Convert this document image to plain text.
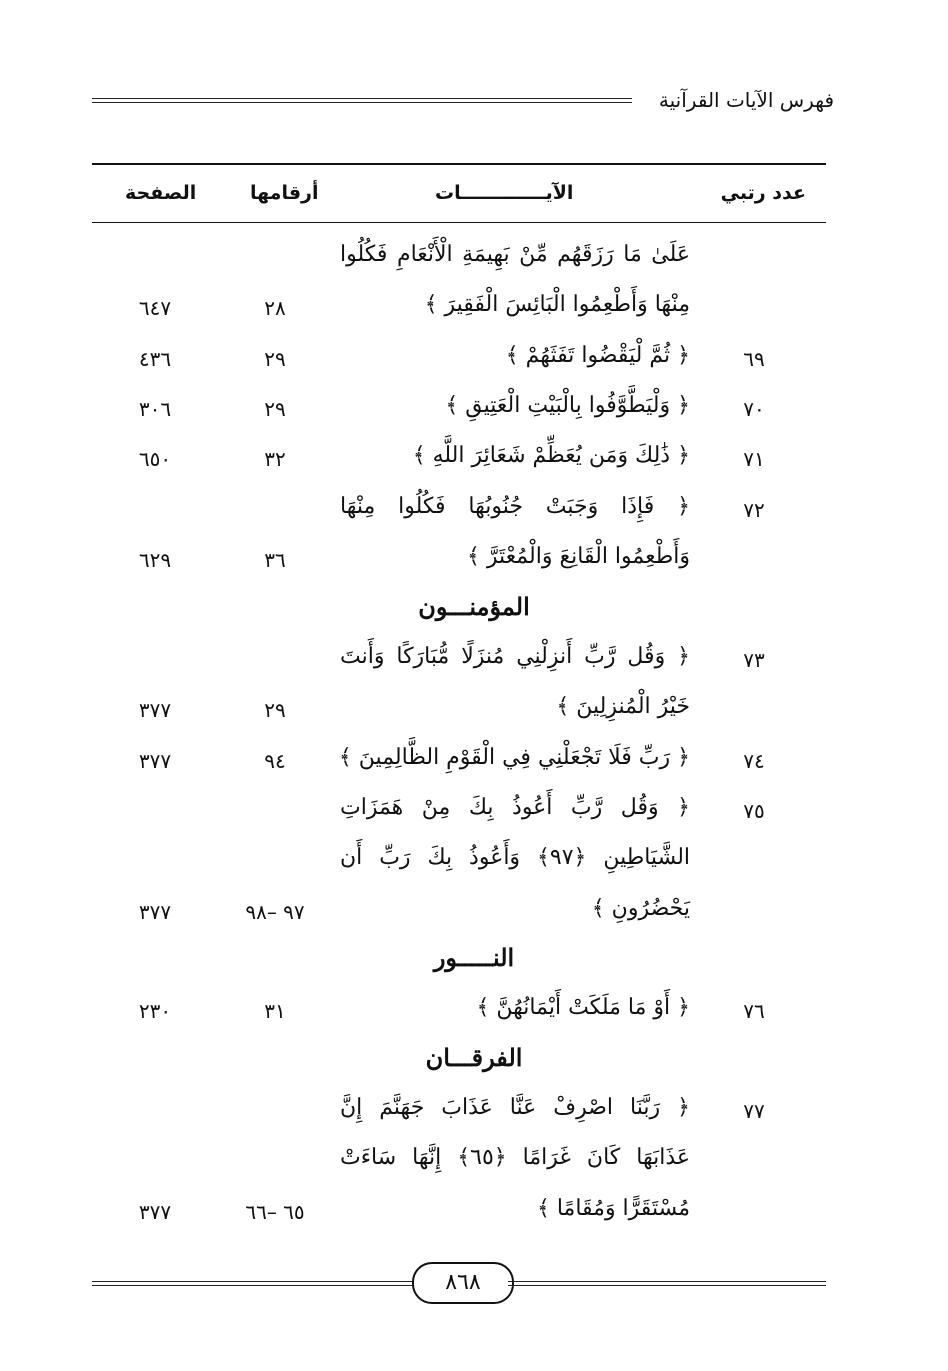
فهرس الآيات القرآنية
عدد رتبي
الآيـــــــــــــات
أرقامها
الصفحة
عَلَىٰ مَا رَزَقَهُم مِّنْ بَهِيمَةِ الْأَنْعَامِ فَكُلُوا
مِنْهَا وَأَطْعِمُوا الْبَائِسَ الْفَقِيرَ ﴾
٢٨
٦٤٧
٦٩
﴿ ثُمَّ لْيَقْضُوا تَفَثَهُمْ ﴾
٢٩
٤٣٦
٧٠
﴿ وَلْيَطَّوَّفُوا بِالْبَيْتِ الْعَتِيقِ ﴾
٢٩
٣٠٦
٧١
﴿ ذَٰلِكَ وَمَن يُعَظِّمْ شَعَائِرَ اللَّهِ ﴾
٣٢
٦٥٠
٧٢
﴿ فَإِذَا وَجَبَتْ جُنُوبُهَا فَكُلُوا مِنْهَا
وَأَطْعِمُوا الْقَانِعَ وَالْمُعْتَرَّ ﴾
٣٦
٦٢٩
المؤمنـــون
٧٣
﴿ وَقُل رَّبِّ أَنزِلْنِي مُنزَلًا مُّبَارَكًا وَأَنتَ
خَيْرُ الْمُنزِلِينَ ﴾
٢٩
٣٧٧
٧٤
﴿ رَبِّ فَلَا تَجْعَلْنِي فِي الْقَوْمِ الظَّالِمِينَ ﴾
٩٤
٣٧٧
٧٥
﴿ وَقُل رَّبِّ أَعُوذُ بِكَ مِنْ هَمَزَاتِ
الشَّيَاطِينِ ﴿٩٧﴾ وَأَعُوذُ بِكَ رَبِّ أَن
يَحْضُرُونِ ﴾
٩٧ –٩٨
٣٧٧
النـــــور
٧٦
﴿ أَوْ مَا مَلَكَتْ أَيْمَانُهُنَّ ﴾
٣١
٢٣٠
الفرقـــان
٧٧
﴿ رَبَّنَا اصْرِفْ عَنَّا عَذَابَ جَهَنَّمَ إِنَّ
عَذَابَهَا كَانَ غَرَامًا ﴿٦٥﴾ إِنَّهَا سَاءَتْ
مُسْتَقَرًّا وَمُقَامًا ﴾
٦٥ –٦٦
٣٧٧
٨٦٨
